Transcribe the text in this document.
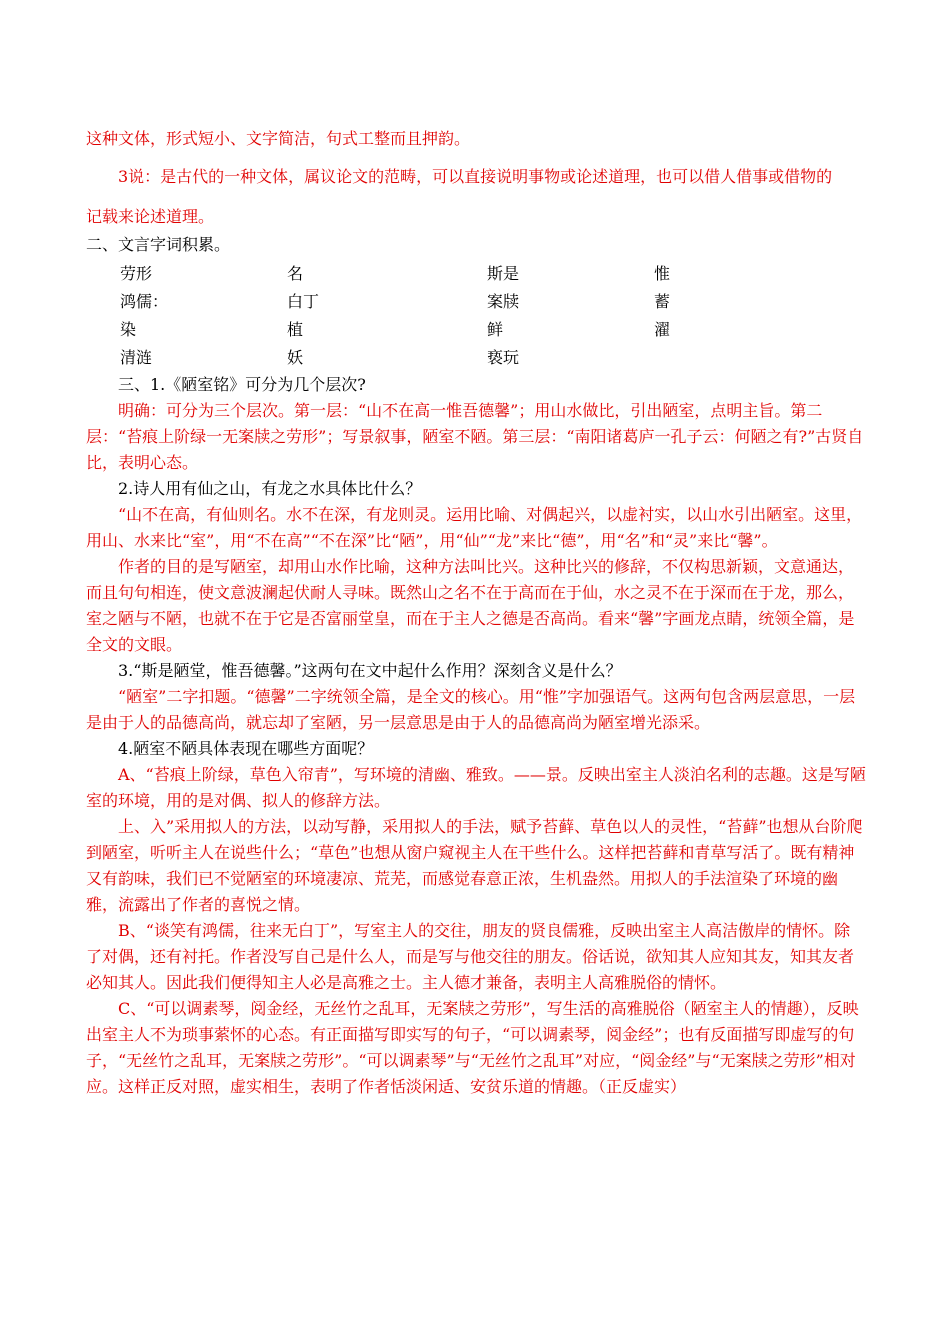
这种文体，形式短小、文字简洁，句式工整而且押韵。

3说：是古代的一种文体，属议论文的范畴，可以直接说明事物或论述道理，也可以借人借事或借物的

记载来论述道理。

二、文言字词积累。

劳形	名	斯是	惟
鸿儒：	白丁	案牍	蓄
染	植	鲜	濯
清涟	妖	亵玩

三、1.《陋室铭》可分为几个层次?

明确：可分为三个层次。第一层：“山不在高一惟吾德馨”；用山水做比，引出陋室，点明主旨。第二层：“苔痕上阶绿一无案牍之劳形”；写景叙事，陋室不陋。第三层：“南阳诸葛庐一孔子云：何陋之有?”古贤自比，表明心态。

2.诗人用有仙之山，有龙之水具体比什么？

“山不在高，有仙则名。水不在深，有龙则灵。运用比喻、对偶起兴，以虚衬实，以山水引出陋室。这里，用山、水来比“室”，用“不在高”“不在深”比“陋”，用“仙”“龙”来比“德”，用“名”和“灵”来比“馨”。

作者的目的是写陋室，却用山水作比喻，这种方法叫比兴。这种比兴的修辞，不仅构思新颖，文意通达，而且句句相连，使文意波澜起伏耐人寻味。既然山之名不在于高而在于仙，水之灵不在于深而在于龙，那么，室之陋与不陋，也就不在于它是否富丽堂皇，而在于主人之德是否高尚。看来“馨”字画龙点睛，统领全篇，是全文的文眼。

3.“斯是陋堂，惟吾德馨。”这两句在文中起什么作用？深刻含义是什么？

“陋室”二字扣题。“德馨”二字统领全篇，是全文的核心。用“惟”字加强语气。这两句包含两层意思，一层是由于人的品德高尚，就忘却了室陋，另一层意思是由于人的品德高尚为陋室增光添采。

4.陋室不陋具体表现在哪些方面呢？

A、“苔痕上阶绿，草色入帘青”，写环境的清幽、雅致。——景。反映出室主人淡泊名利的志趣。这是写陋室的环境，用的是对偶、拟人的修辞方法。

上、入”采用拟人的方法，以动写静，采用拟人的手法，赋予苔藓、草色以人的灵性，“苔藓”也想从台阶爬到陋室，听听主人在说些什么；“草色”也想从窗户窥视主人在干些什么。这样把苔藓和青草写活了。既有精神又有韵味，我们已不觉陋室的环境凄凉、荒芜，而感觉春意正浓，生机盎然。用拟人的手法渲染了环境的幽雅，流露出了作者的喜悦之情。

B、“谈笑有鸿儒，往来无白丁”，写室主人的交往，朋友的贤良儒雅，反映出室主人高洁傲岸的情怀。除了对偶，还有衬托。作者没写自己是什么人，而是写与他交往的朋友。俗话说，欲知其人应知其友，知其友者必知其人。因此我们便得知主人必是高雅之士。主人德才兼备，表明主人高雅脱俗的情怀。

C、“可以调素琴，阅金经，无丝竹之乱耳，无案牍之劳形”，写生活的高雅脱俗（陋室主人的情趣），反映出室主人不为琐事萦怀的心态。有正面描写即实写的句子，“可以调素琴，阅金经”；也有反面描写即虚写的句子，“无丝竹之乱耳，无案牍之劳形”。“可以调素琴”与“无丝竹之乱耳”对应，“阅金经”与“无案牍之劳形”相对应。这样正反对照，虚实相生，表明了作者恬淡闲适、安贫乐道的情趣。（正反虚实）
